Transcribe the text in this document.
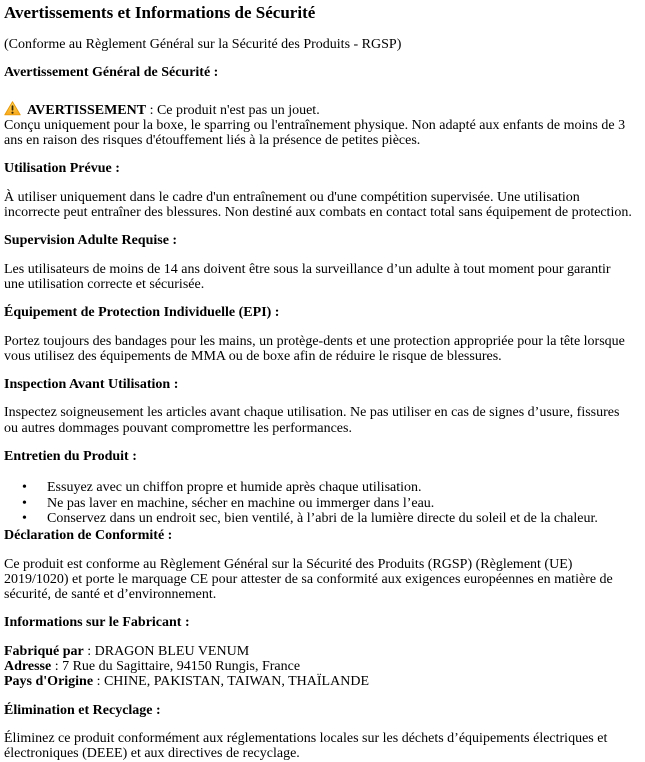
Avertissements et Informations de Sécurité
(Conforme au Règlement Général sur la Sécurité des Produits - RGSP)
Avertissement Général de Sécurité :
AVERTISSEMENT : Ce produit n'est pas un jouet.
Conçu uniquement pour la boxe, le sparring ou l'entraînement physique. Non adapté aux enfants de moins de 3
ans en raison des risques d'étouffement liés à la présence de petites pièces.
Utilisation Prévue :
À utiliser uniquement dans le cadre d'un entraînement ou d'une compétition supervisée. Une utilisation
incorrecte peut entraîner des blessures. Non destiné aux combats en contact total sans équipement de protection.
Supervision Adulte Requise :
Les utilisateurs de moins de 14 ans doivent être sous la surveillance d’un adulte à tout moment pour garantir
une utilisation correcte et sécurisée.
Équipement de Protection Individuelle (EPI) :
Portez toujours des bandages pour les mains, un protège-dents et une protection appropriée pour la tête lorsque
vous utilisez des équipements de MMA ou de boxe afin de réduire le risque de blessures.
Inspection Avant Utilisation :
Inspectez soigneusement les articles avant chaque utilisation. Ne pas utiliser en cas de signes d’usure, fissures
ou autres dommages pouvant compromettre les performances.
Entretien du Produit :
• Essuyez avec un chiffon propre et humide après chaque utilisation.
• Ne pas laver en machine, sécher en machine ou immerger dans l’eau.
• Conservez dans un endroit sec, bien ventilé, à l’abri de la lumière directe du soleil et de la chaleur.
Déclaration de Conformité :
Ce produit est conforme au Règlement Général sur la Sécurité des Produits (RGSP) (Règlement (UE)
2019/1020) et porte le marquage CE pour attester de sa conformité aux exigences européennes en matière de
sécurité, de santé et d’environnement.
Informations sur le Fabricant :
Fabriqué par : DRAGON BLEU VENUM
Adresse : 7 Rue du Sagittaire, 94150 Rungis, France
Pays d'Origine : CHINE, PAKISTAN, TAIWAN, THAÏLANDE
Élimination et Recyclage :
Éliminez ce produit conformément aux réglementations locales sur les déchets d’équipements électriques et
électroniques (DEEE) et aux directives de recyclage.
